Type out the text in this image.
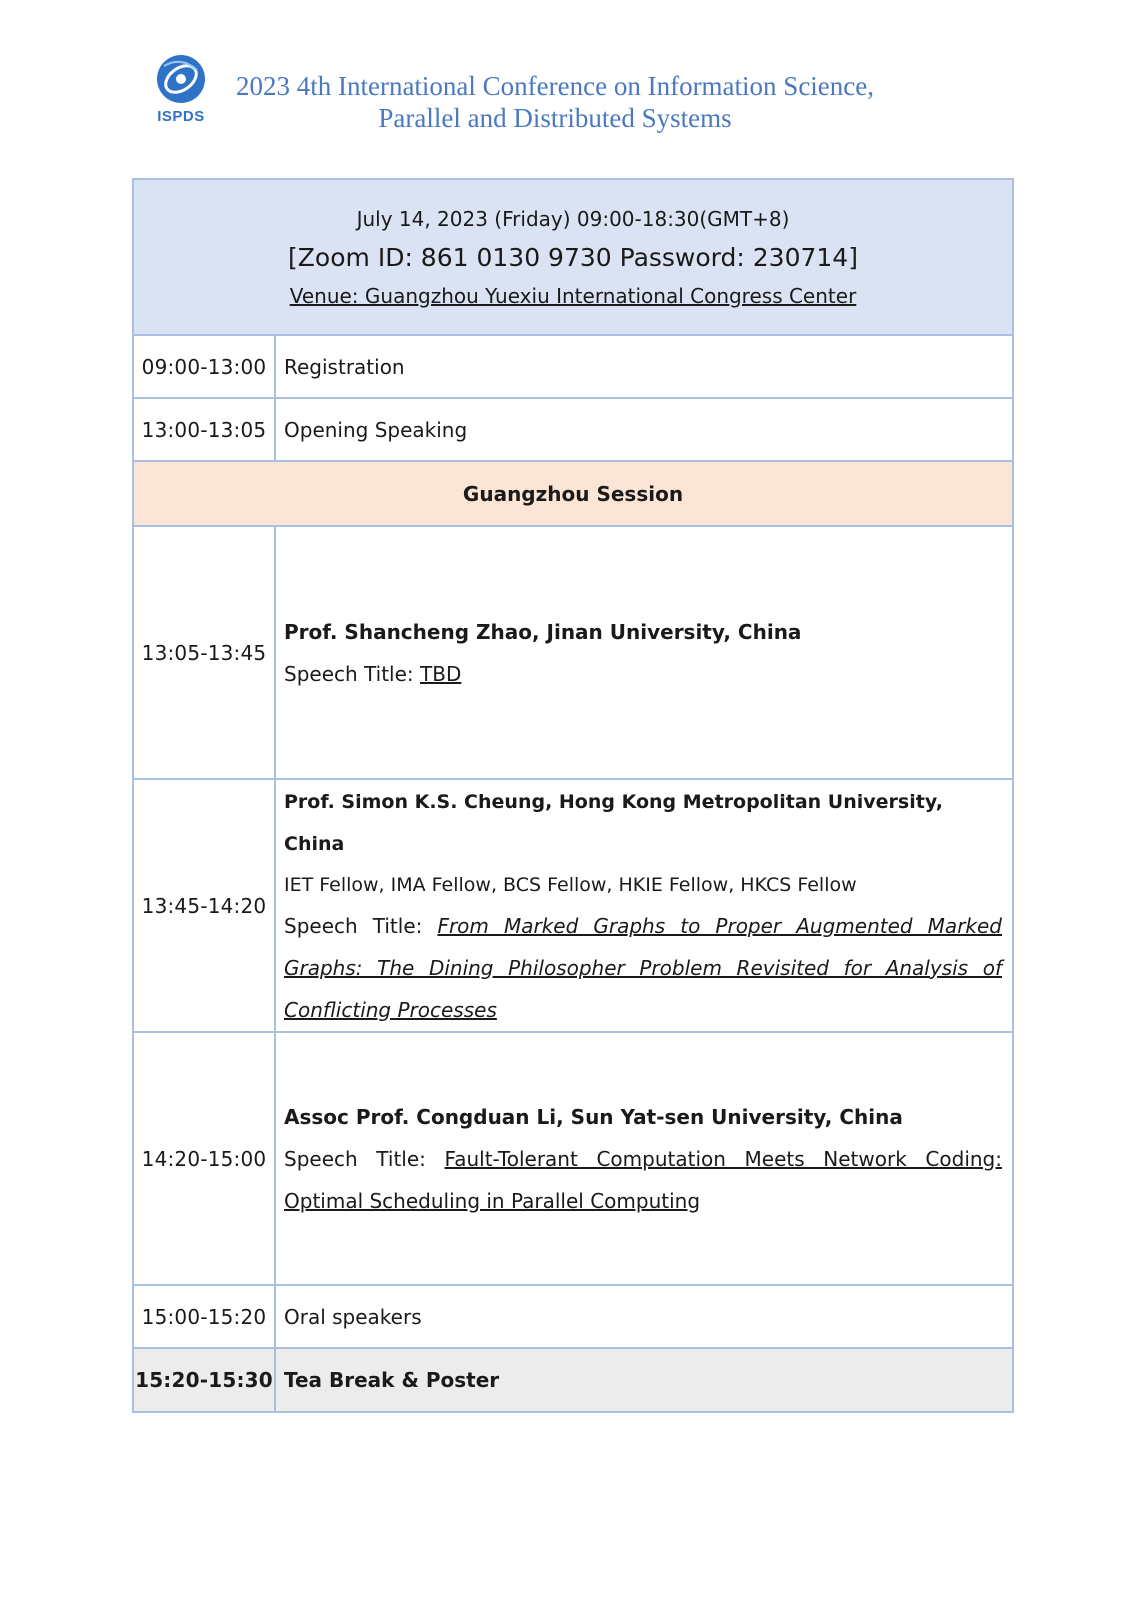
ISPDS
2023 4th International Conference on Information Science,
Parallel and Distributed Systems
July 14, 2023 (Friday) 09:00-18:30(GMT+8)
[Zoom ID: 861 0130 9730 Password: 230714]
Venue: Guangzhou Yuexiu International Congress Center
09:00-13:00 Registration
13:00-13:05 Opening Speaking
Guangzhou Session
13:05-13:45
Prof. Shancheng Zhao, Jinan University, China
Speech Title: TBD
13:45-14:20
Prof. Simon K.S. Cheung, Hong Kong Metropolitan University, China
IET Fellow, IMA Fellow, BCS Fellow, HKIE Fellow, HKCS Fellow
Speech Title: From Marked Graphs to Proper Augmented Marked Graphs: The Dining Philosopher Problem Revisited for Analysis of Conflicting Processes
14:20-15:00
Assoc Prof. Congduan Li, Sun Yat-sen University, China
Speech Title: Fault-Tolerant Computation Meets Network Coding: Optimal Scheduling in Parallel Computing
15:00-15:20 Oral speakers
15:20-15:30 Tea Break & Poster
